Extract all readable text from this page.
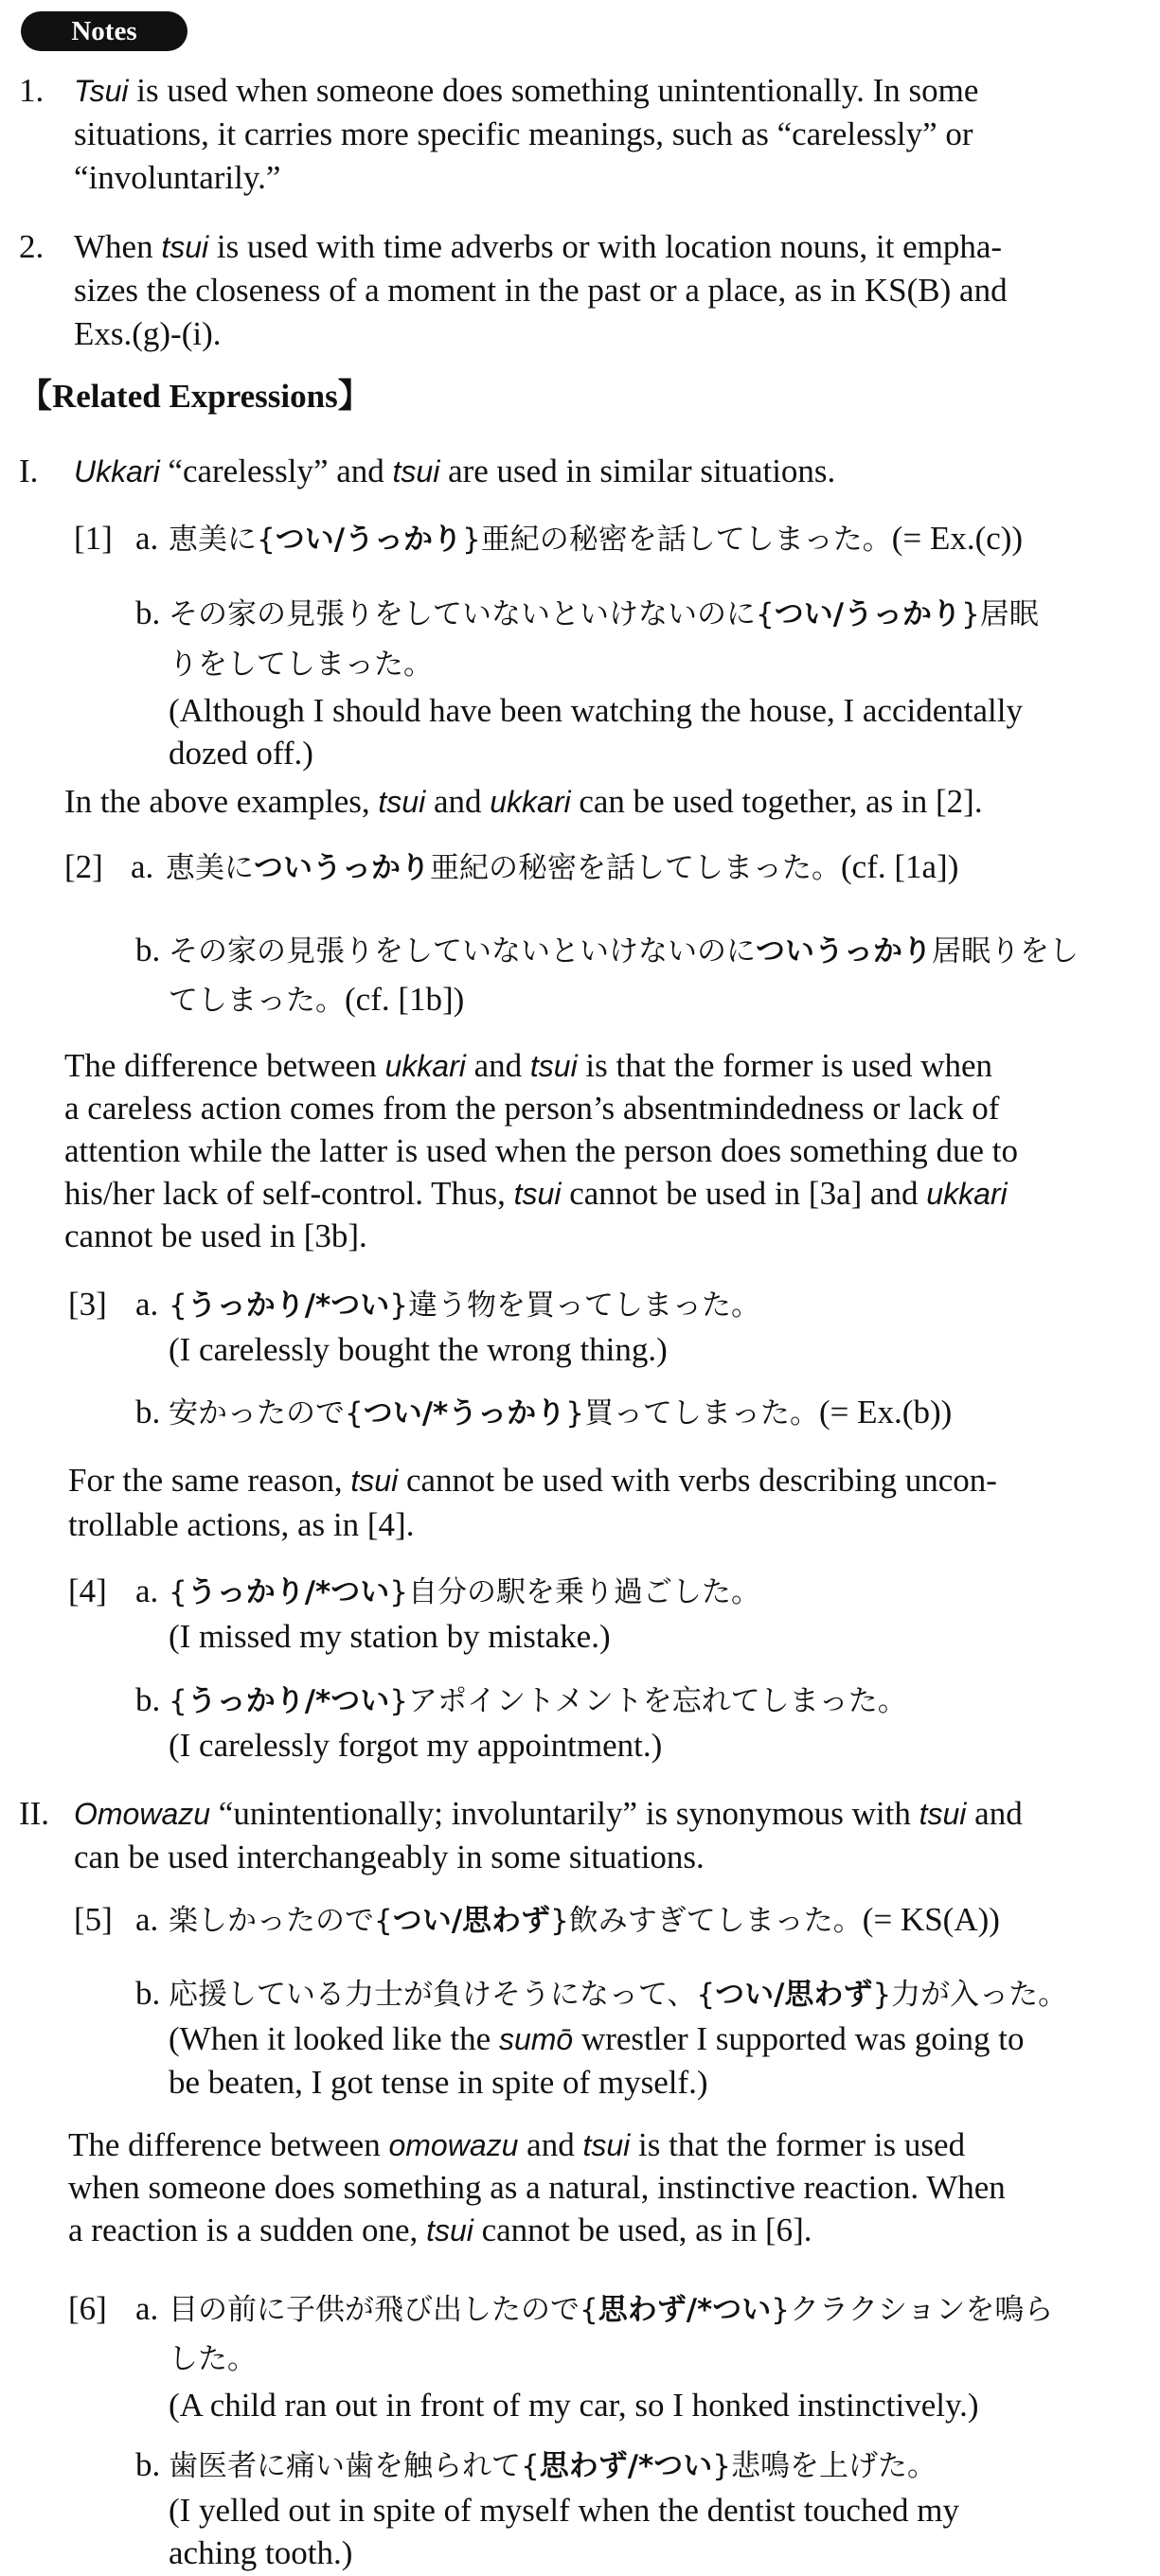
Notes
1. Tsui is used when someone does something unintentionally. In some
situations, it carries more specific meanings, such as “carelessly” or
“involuntarily.”
2. When tsui is used with time adverbs or with location nouns, it empha-
sizes the closeness of a moment in the past or a place, as in KS(B) and
Exs.(g)-(i).
【Related Expressions】
I. Ukkari “carelessly” and tsui are used in similar situations.
[1] a. 恵美に{つい/うっかり}亜紀の秘密を話してしまった。(= Ex.(c))
b. その家の見張りをしていないといけないのに{つい/うっかり}居眠
りをしてしまった。
(Although I should have been watching the house, I accidentally
dozed off.)
In the above examples, tsui and ukkari can be used together, as in [2].
[2] a. 恵美についうっかり亜紀の秘密を話してしまった。(cf. [1a])
b. その家の見張りをしていないといけないのについうっかり居眠りをし
てしまった。(cf. [1b])
The difference between ukkari and tsui is that the former is used when
a careless action comes from the person’s absentmindedness or lack of
attention while the latter is used when the person does something due to
his/her lack of self-control. Thus, tsui cannot be used in [3a] and ukkari
cannot be used in [3b].
[3] a. {うっかり/*つい}違う物を買ってしまった。
(I carelessly bought the wrong thing.)
b. 安かったので{つい/*うっかり}買ってしまった。(= Ex.(b))
For the same reason, tsui cannot be used with verbs describing uncon-
trollable actions, as in [4].
[4] a. {うっかり/*つい}自分の駅を乗り過ごした。
(I missed my station by mistake.)
b. {うっかり/*つい}アポイントメントを忘れてしまった。
(I carelessly forgot my appointment.)
II. Omowazu “unintentionally; involuntarily” is synonymous with tsui and
can be used interchangeably in some situations.
[5] a. 楽しかったので{つい/思わず}飲みすぎてしまった。(= KS(A))
b. 応援している力士が負けそうになって、{つい/思わず}力が入った。
(When it looked like the sumō wrestler I supported was going to
be beaten, I got tense in spite of myself.)
The difference between omowazu and tsui is that the former is used
when someone does something as a natural, instinctive reaction. When
a reaction is a sudden one, tsui cannot be used, as in [6].
[6] a. 目の前に子供が飛び出したので{思わず/*つい}クラクションを鳴ら
した。
(A child ran out in front of my car, so I honked instinctively.)
b. 歯医者に痛い歯を触られて{思わず/*つい}悲鳴を上げた。
(I yelled out in spite of myself when the dentist touched my
aching tooth.)
